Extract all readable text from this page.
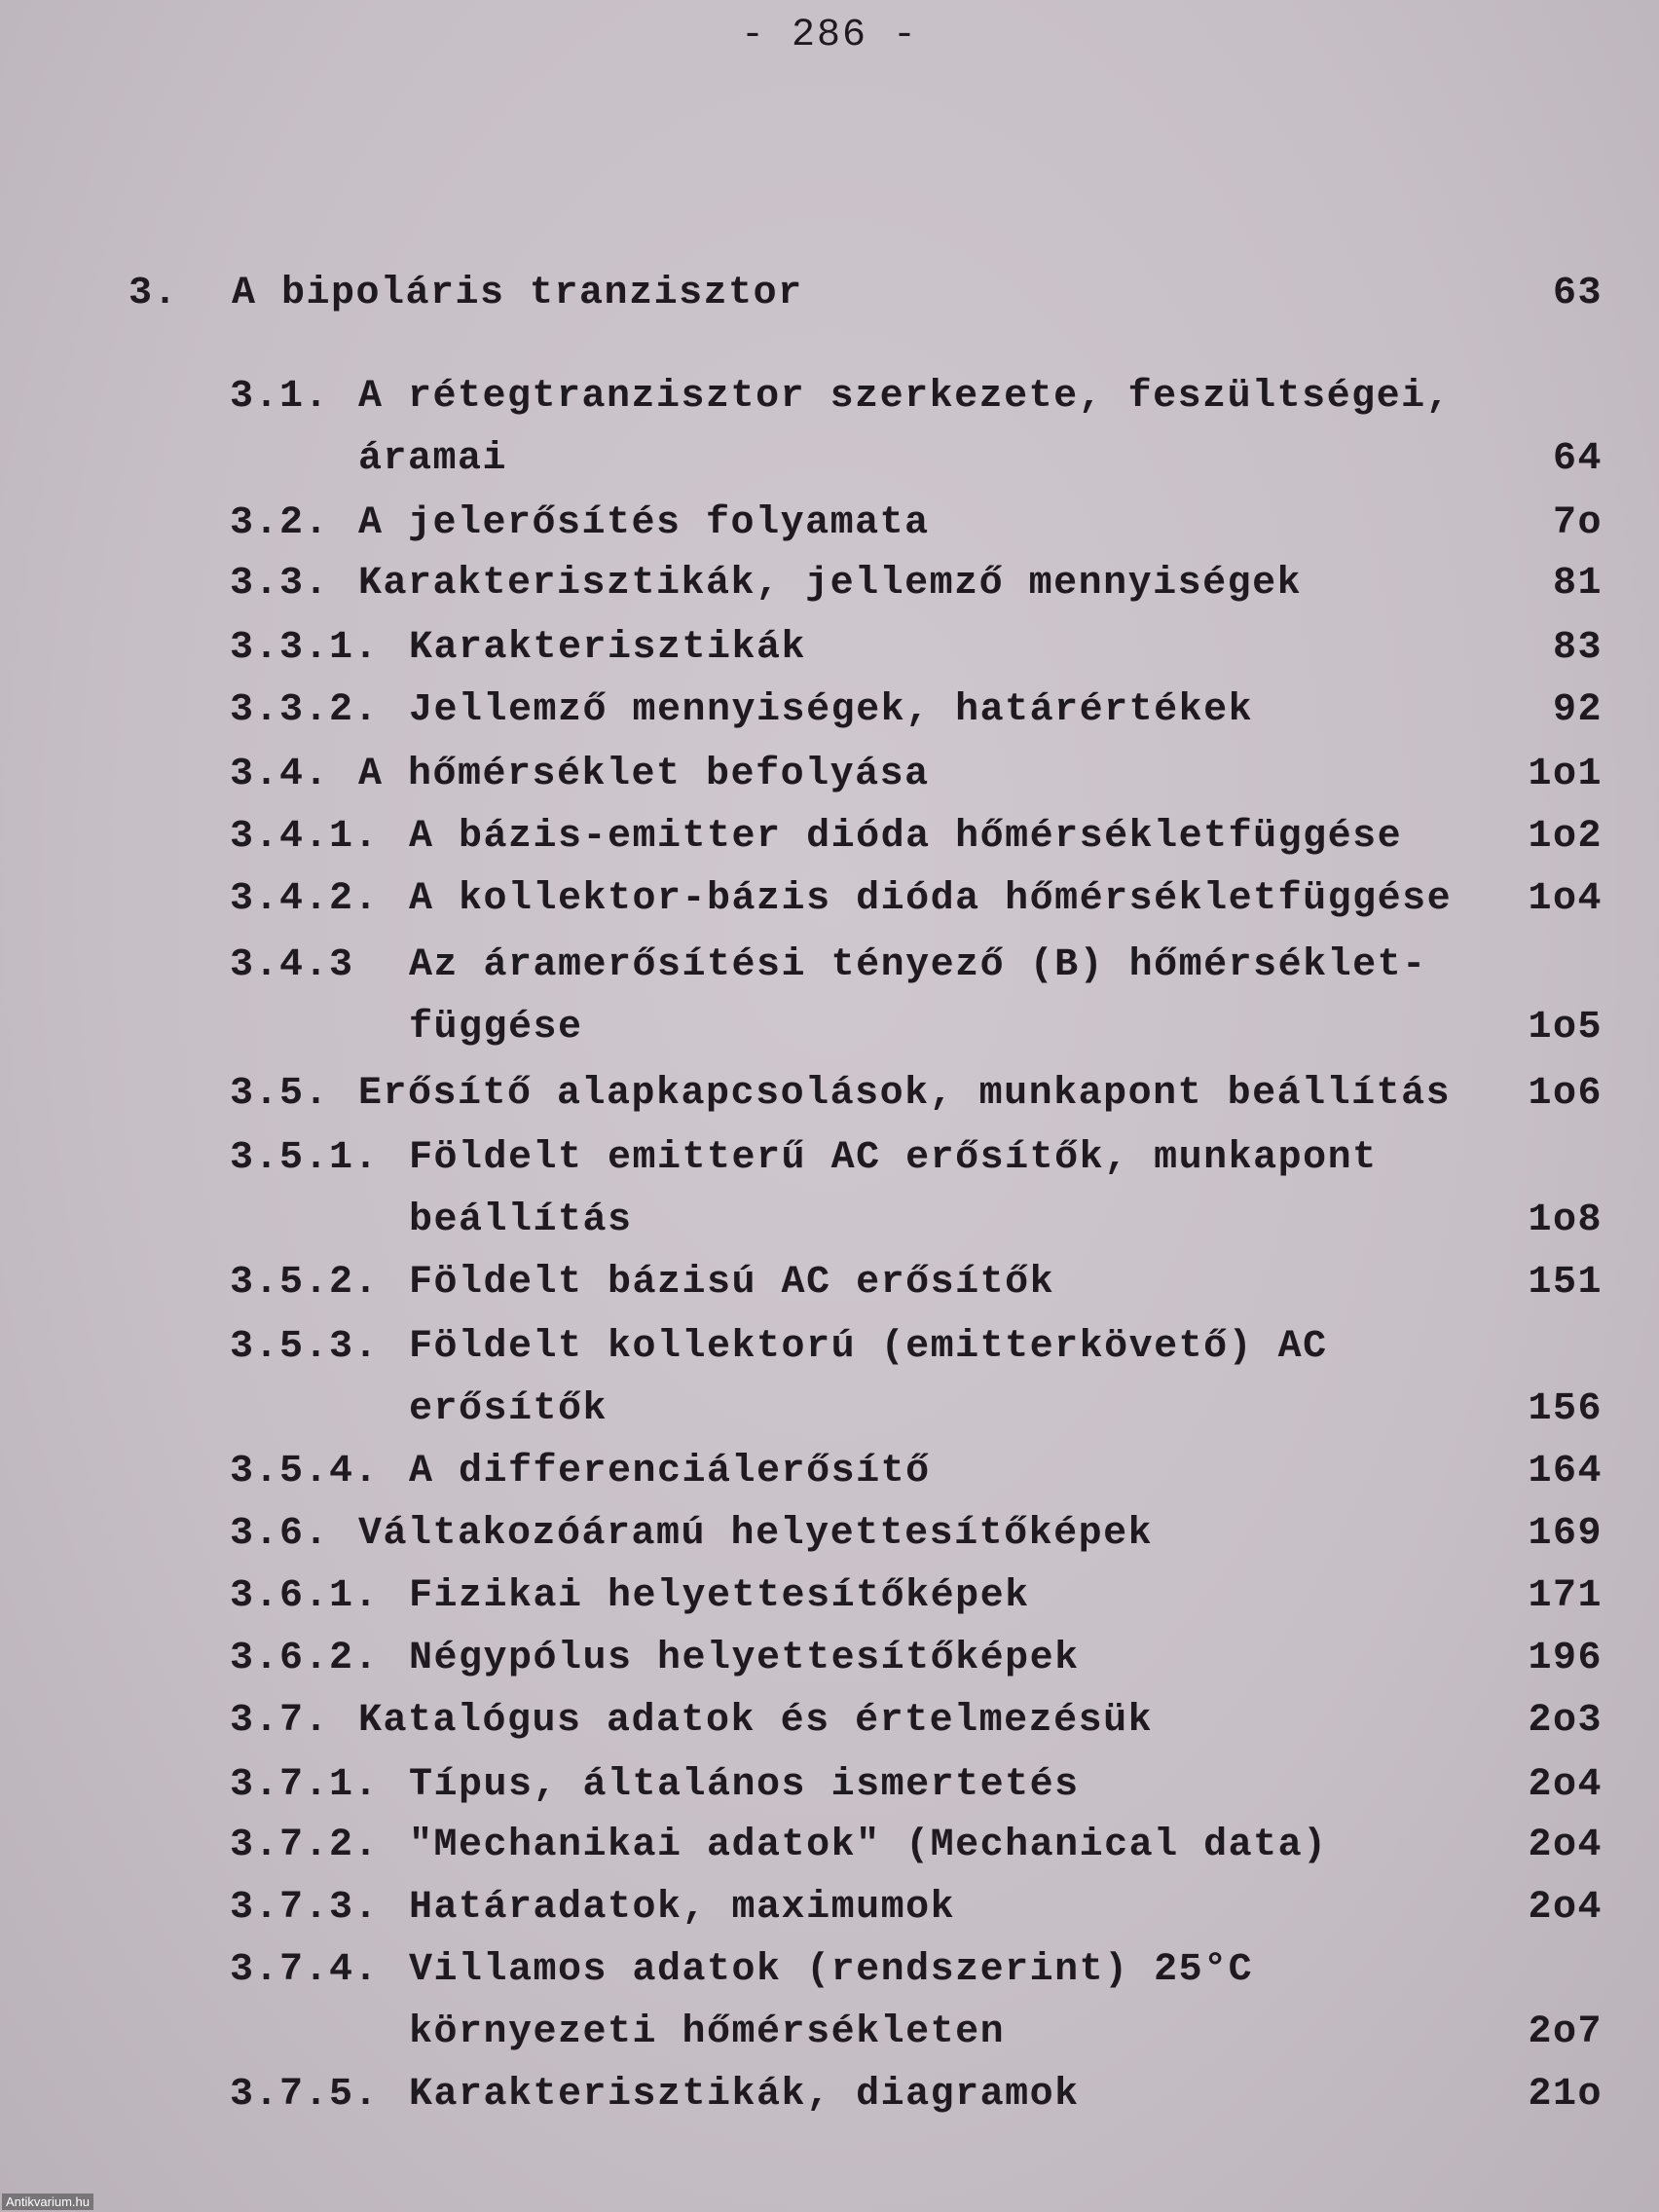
- 286 -
3. A bipoláris tranzisztor	63
3.1. A rétegtranzisztor szerkezete, feszültségei,
áramai	64
3.2. A jelerősítés folyamata	7o
3.3. Karakterisztikák, jellemző mennyiségek	81
3.3.1. Karakterisztikák	83
3.3.2. Jellemző mennyiségek, határértékek	92
3.4. A hőmérséklet befolyása	1o1
3.4.1. A bázis-emitter dióda hőmérsékletfüggése	1o2
3.4.2. A kollektor-bázis dióda hőmérsékletfüggése 1o4
3.4.3 Az áramerősítési tényező (B) hőmérséklet-
függése	1o5
3.5. Erősítő alapkapcsolások, munkapont beállítás 1o6
3.5.1. Földelt emitterű AC erősítők, munkapont
beállítás	1o8
3.5.2. Földelt bázisú AC erősítők	151
3.5.3. Földelt kollektorú (emitterkövető) AC
erősítők	156
3.5.4. A differenciálerősítő	164
3.6. Váltakozóáramú helyettesítőképek	169
3.6.1. Fizikai helyettesítőképek	171
3.6.2. Négypólus helyettesítőképek	196
3.7. Katalógus adatok és értelmezésük	2o3
3.7.1. Típus, általános ismertetés	2o4
3.7.2. "Mechanikai adatok" (Mechanical data)	2o4
3.7.3. Határadatok, maximumok	2o4
3.7.4. Villamos adatok (rendszerint) 25°C
környezeti hőmérsékleten	2o7
3.7.5. Karakterisztikák, diagramok	21o
Antikvarium.hu
